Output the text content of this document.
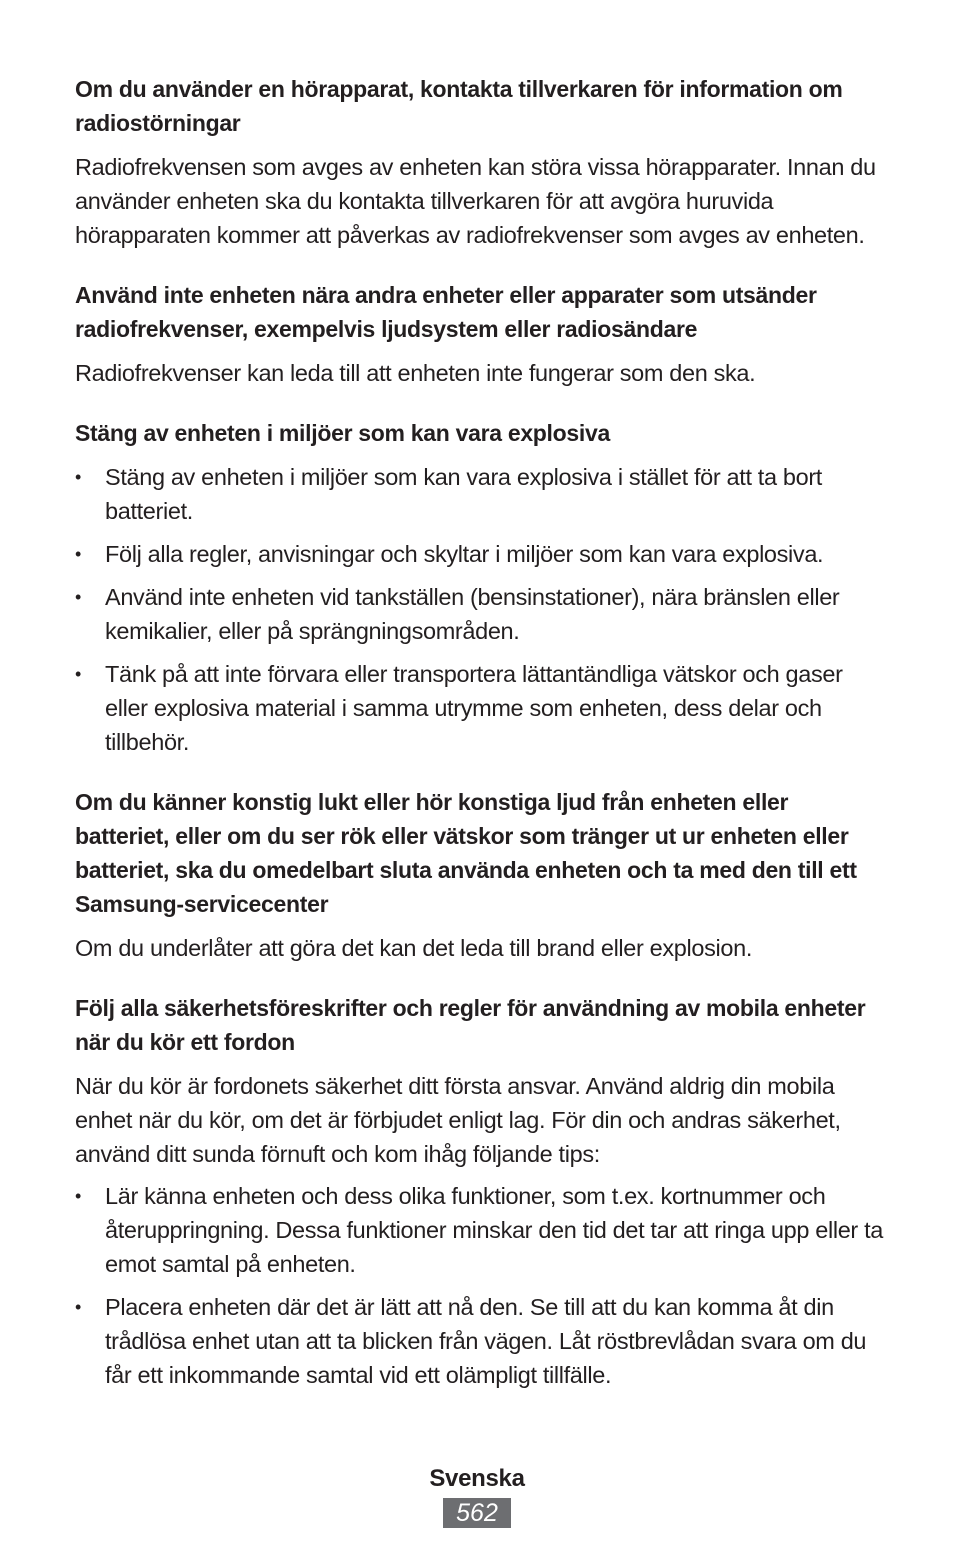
Om du använder en hörapparat, kontakta tillverkaren för information om radiostörningar

Radiofrekvensen som avges av enheten kan störa vissa hörapparater. Innan du använder enheten ska du kontakta tillverkaren för att avgöra huruvida hörapparaten kommer att påverkas av radiofrekvenser som avges av enheten.

Använd inte enheten nära andra enheter eller apparater som utsänder radiofrekvenser, exempelvis ljudsystem eller radiosändare

Radiofrekvenser kan leda till att enheten inte fungerar som den ska.

Stäng av enheten i miljöer som kan vara explosiva
•	Stäng av enheten i miljöer som kan vara explosiva i stället för att ta bort batteriet.
•	Följ alla regler, anvisningar och skyltar i miljöer som kan vara explosiva.
•	Använd inte enheten vid tankställen (bensinstationer), nära bränslen eller kemikalier, eller på sprängningsområden.
•	Tänk på att inte förvara eller transportera lättantändliga vätskor och gaser eller explosiva material i samma utrymme som enheten, dess delar och tillbehör.
Om du känner konstig lukt eller hör konstiga ljud från enheten eller batteriet, eller om du ser rök eller vätskor som tränger ut ur enheten eller batteriet, ska du omedelbart sluta använda enheten och ta med den till ett Samsung-servicecenter

Om du underlåter att göra det kan det leda till brand eller explosion.

Följ alla säkerhetsföreskrifter och regler för användning av mobila enheter när du kör ett fordon

När du kör är fordonets säkerhet ditt första ansvar. Använd aldrig din mobila enhet när du kör, om det är förbjudet enligt lag. För din och andras säkerhet, använd ditt sunda förnuft och kom ihåg följande tips:

•	Lär känna enheten och dess olika funktioner, som t.ex. kortnummer och återuppringning. Dessa funktioner minskar den tid det tar att ringa upp eller ta emot samtal på enheten.
•	Placera enheten där det är lätt att nå den. Se till att du kan komma åt din trådlösa enhet utan att ta blicken från vägen. Låt röstbrevlådan svara om du får ett inkommande samtal vid ett olämpligt tillfälle.
Svenska
562
